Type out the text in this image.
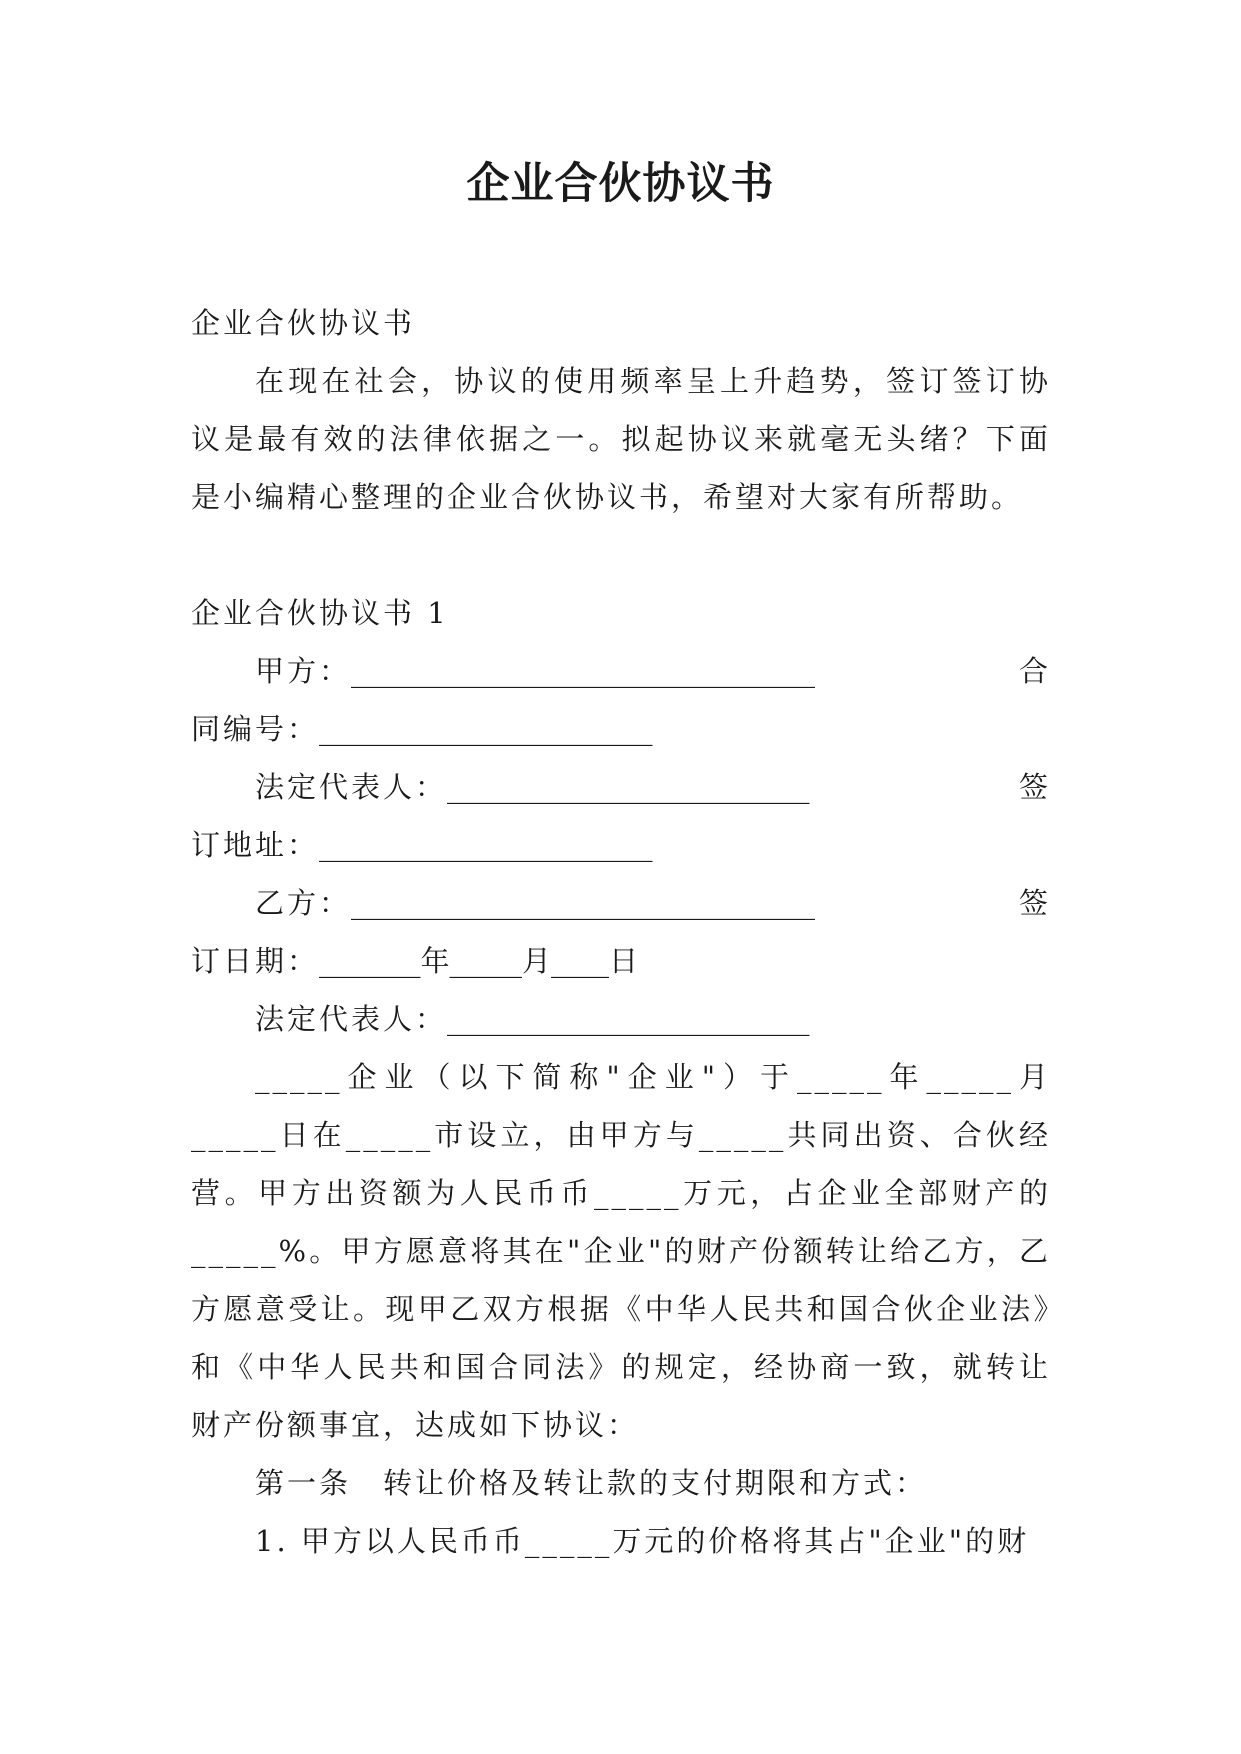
企业合伙协议书

企业合伙协议书

在现在社会，协议的使用频率呈上升趋势，签订签订协议是最有效的法律依据之一。拟起协议来就毫无头绪？下面是小编精心整理的企业合伙协议书，希望对大家有所帮助。

企业合伙协议书 1

甲方：________________________________	合
同编号：_______________________
法定代表人：_________________________	签
订地址：_______________________
乙方：________________________________	签
订日期：_______年_____月____日
法定代表人：_________________________

_____企业（以下简称"企业"）于_____年_____月_____日在_____市设立，由甲方与_____共同出资、合伙经营。甲方出资额为人民币币_____万元，占企业全部财产的_____%。甲方愿意将其在"企业"的财产份额转让给乙方，乙方愿意受让。现甲乙双方根据《中华人民共和国合伙企业法》和《中华人民共和国合同法》的规定，经协商一致，就转让财产份额事宜，达成如下协议：

第一条　转让价格及转让款的支付期限和方式：

1. 甲方以人民币币_____万元的价格将其占"企业"的财
